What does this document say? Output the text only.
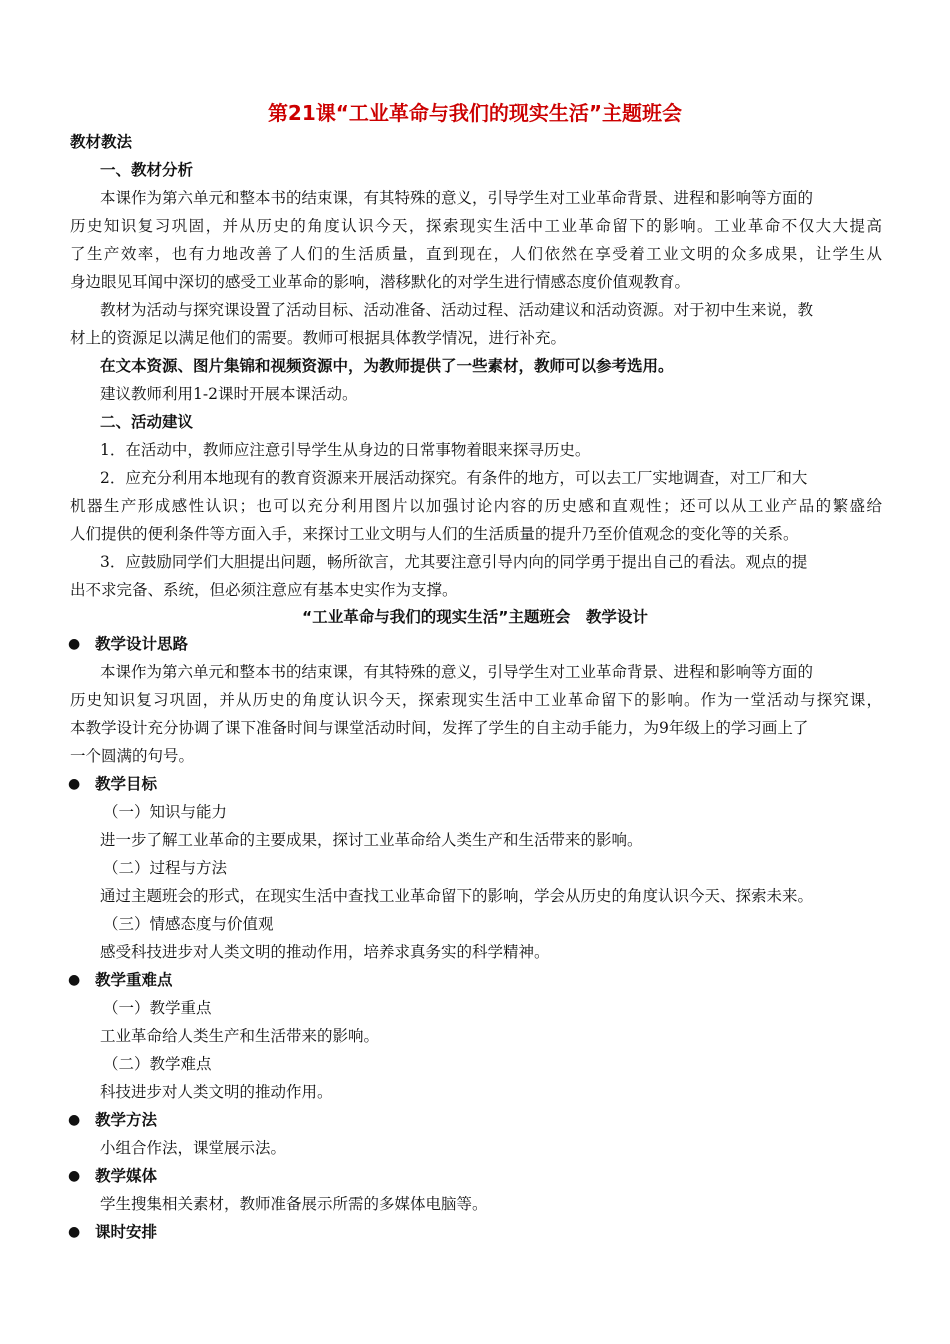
第21课“工业革命与我们的现实生活”主题班会
教材教法
一、教材分析
本课作为第六单元和整本书的结束课，有其特殊的意义，引导学生对工业革命背景、进程和影响等方面的
历史知识复习巩固，并从历史的角度认识今天，探索现实生活中工业革命留下的影响。工业革命不仅大大提高
了生产效率，也有力地改善了人们的生活质量，直到现在，人们依然在享受着工业文明的众多成果，让学生从
身边眼见耳闻中深切的感受工业革命的影响，潜移默化的对学生进行情感态度价值观教育。
教材为活动与探究课设置了活动目标、活动准备、活动过程、活动建议和活动资源。对于初中生来说，教
材上的资源足以满足他们的需要。教师可根据具体教学情况，进行补充。
在文本资源、图片集锦和视频资源中，为教师提供了一些素材，教师可以参考选用。
建议教师利用1-2课时开展本课活动。
二、活动建议
1．在活动中，教师应注意引导学生从身边的日常事物着眼来探寻历史。
2．应充分利用本地现有的教育资源来开展活动探究。有条件的地方，可以去工厂实地调查，对工厂和大
机器生产形成感性认识；也可以充分利用图片以加强讨论内容的历史感和直观性；还可以从工业产品的繁盛给
人们提供的便利条件等方面入手，来探讨工业文明与人们的生活质量的提升乃至价值观念的变化等的关系。
3．应鼓励同学们大胆提出问题，畅所欲言，尤其要注意引导内向的同学勇于提出自己的看法。观点的提
出不求完备、系统，但必须注意应有基本史实作为支撑。
“工业革命与我们的现实生活”主题班会　教学设计
● 教学设计思路
本课作为第六单元和整本书的结束课，有其特殊的意义，引导学生对工业革命背景、进程和影响等方面的
历史知识复习巩固，并从历史的角度认识今天，探索现实生活中工业革命留下的影响。作为一堂活动与探究课，
本教学设计充分协调了课下准备时间与课堂活动时间，发挥了学生的自主动手能力，为9年级上的学习画上了
一个圆满的句号。
● 教学目标
（一）知识与能力
进一步了解工业革命的主要成果，探讨工业革命给人类生产和生活带来的影响。
（二）过程与方法
通过主题班会的形式，在现实生活中查找工业革命留下的影响，学会从历史的角度认识今天、探索未来。
（三）情感态度与价值观
感受科技进步对人类文明的推动作用，培养求真务实的科学精神。
● 教学重难点
（一）教学重点
工业革命给人类生产和生活带来的影响。
（二）教学难点
科技进步对人类文明的推动作用。
● 教学方法
小组合作法，课堂展示法。
● 教学媒体
学生搜集相关素材，教师准备展示所需的多媒体电脑等。
● 课时安排
